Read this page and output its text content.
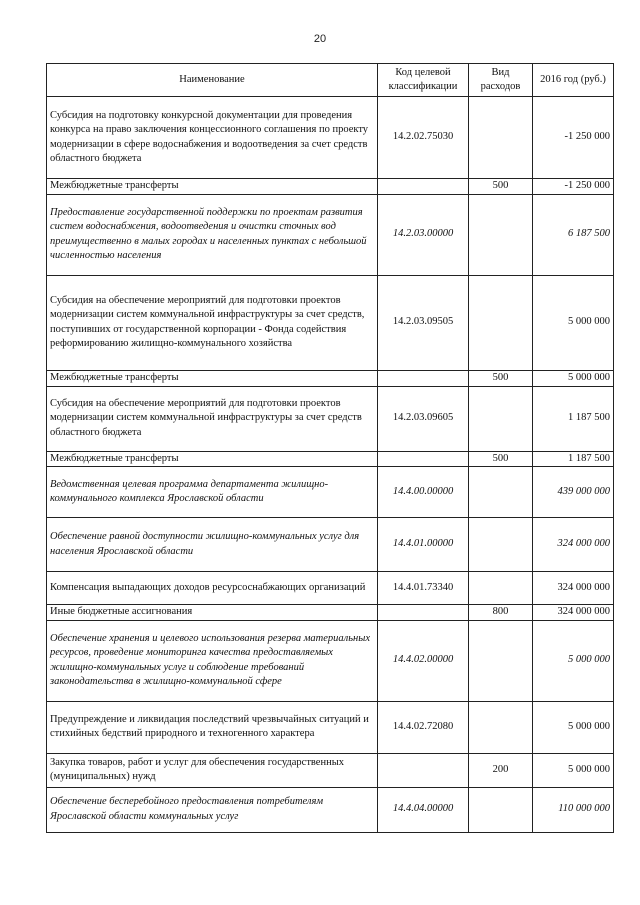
20
Наименование	Код целевой классификации	Вид расходов	2016 год (руб.)
Субсидия на подготовку конкурсной документации для проведения конкурса на право заключения концессионного соглашения по проекту модернизации в сфере водоснабжения и водоотведения за счет средств областного бюджета	14.2.02.75030		-1 250 000
Межбюджетные трансферты		500	-1 250 000
Предоставление государственной поддержки по проектам развития систем водоснабжения, водоотведения и очистки сточных вод преимущественно в малых городах и населенных пунктах с небольшой численностью населения	14.2.03.00000		6 187 500
Субсидия на обеспечение мероприятий для подготовки проектов модернизации систем коммунальной инфраструктуры за счет средств, поступивших от государственной корпорации - Фонда содействия реформированию жилищно-коммунального хозяйства	14.2.03.09505		5 000 000
Межбюджетные трансферты		500	5 000 000
Субсидия на обеспечение мероприятий для подготовки проектов модернизации систем коммунальной инфраструктуры за счет средств областного бюджета	14.2.03.09605		1 187 500
Межбюджетные трансферты		500	1 187 500
Ведомственная целевая программа департамента жилищно-коммунального комплекса Ярославской области	14.4.00.00000		439 000 000
Обеспечение равной доступности жилищно-коммунальных услуг для населения Ярославской области	14.4.01.00000		324 000 000
Компенсация выпадающих доходов ресурсоснабжающих организаций	14.4.01.73340		324 000 000
Иные бюджетные ассигнования		800	324 000 000
Обеспечение хранения и целевого использования резерва материальных ресурсов, проведение мониторинга качества предоставляемых жилищно-коммунальных услуг и соблюдение требований законодательства в жилищно-коммунальной сфере	14.4.02.00000		5 000 000
Предупреждение и ликвидация последствий чрезвычайных ситуаций и стихийных бедствий природного и техногенного характера	14.4.02.72080		5 000 000
Закупка товаров, работ и услуг для обеспечения государственных (муниципальных) нужд		200	5 000 000
Обеспечение бесперебойного предоставления потребителям Ярославской области коммунальных услуг	14.4.04.00000		110 000 000
